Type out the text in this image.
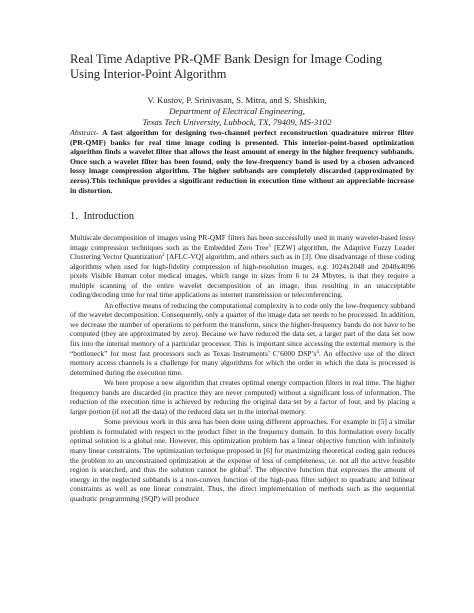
Real Time Adaptive PR-QMF Bank Design for Image Coding Using Interior-Point Algorithm
V. Kustov, P. Srinivasan, S. Mitra, and S. Shishkin,
Department of Electrical Engineering,
Texas Tech University, Lubbock, TX, 79409, MS-3102
Abstract- A fast algorithm for designing two-channel perfect reconstruction quadrature mirror filter (PR-QMF) banks for real time image coding is presented. This interior-point-based optimization algorithm finds a wavelet filter that allows the least amount of energy in the higher frequency subbands. Once such a wavelet filter has been found, only the low-frequency band is used by a chosen advanced lossy image compression algorithm. The higher subbands are completely discarded (approximated by zeros).This technique provides a significant reduction in execution time without an appreciable increase in distortion.
1. Introduction

Multiscale decomposition of images using PR-QMF filters has been successfully used in many wavelet-based lossy image compression techniques such as the Embedded Zero Tree$^1$ [EZW] algorithm, the Adaptive Fuzzy Leader Clustering Vector Quantization$^2$ [AFLC-VQ] algorithm, and others such as in [3]. One disadvantage of these coding algorithms when used for high-fidelity compression of high-resolution images, e.g. 1024x2048 and 2048x4096 pixels Visible Human color medical images, which range in sizes from 6 to 24 Mbytes, is that they require a multiple scanning of the entire wavelet decomposition of an image, thus resulting in an unacceptable coding/decoding time for real time applications as internet transmission or teleconferencing.

An effective means of reducing the computational complexity is to code only the low-frequency subband of the wavelet decomposition. Consequently, only a quarter of the image data set needs to be processed. In addition, we decrease the number of operations to perform the transform, since the higher-frequency bands do not have to be computed (they are approximated by zero). Because we have reduced the data set, a larger part of the data set now fits into the internal memory of a particular processor. This is important since accessing the external memory is the “bottleneck” for most fast processors such as Texas Instruments’ C’6000 $DSP’s^4$. An effective use of the direct memory access channels is a challenge for many algorithms for which the order in which the data is processed is determined during the execution time.

We here propose a new algorithm that creates optimal energy compaction filters in real time. The higher frequency bands are discarded (in practice they are never computed) without a significant loss of information. The reduction of the execution time is achieved by reducing the original data set by a factor of four, and by placing a larger portion (if not all the data) of the reduced data set in the internal memory.

Some previous work in this area has been done using different approaches. For example in [5] a similar problem is formulated with respect to the product filter in the frequency domain. In this formulation every locally optimal solution is a global one. However, this optimization problem has a linear objective function with infinitely many linear constraints. The optimization technique proposed in [6] for maximizing theoretical coding gain reduces the problem to an unconstrained optimization at the expense of loss of completeness, i.e. not all the active feasible region is searched, and thus the solution cannot be global$^3$. The objective function that expresses the amount of energy in the neglected subbands is a non-convex function of the high-pass filter subject to quadratic and bilinear constraints as well as one linear constraint. Thus, the direct implementation of methods such as the sequential quadratic programming (SQP) will produce
